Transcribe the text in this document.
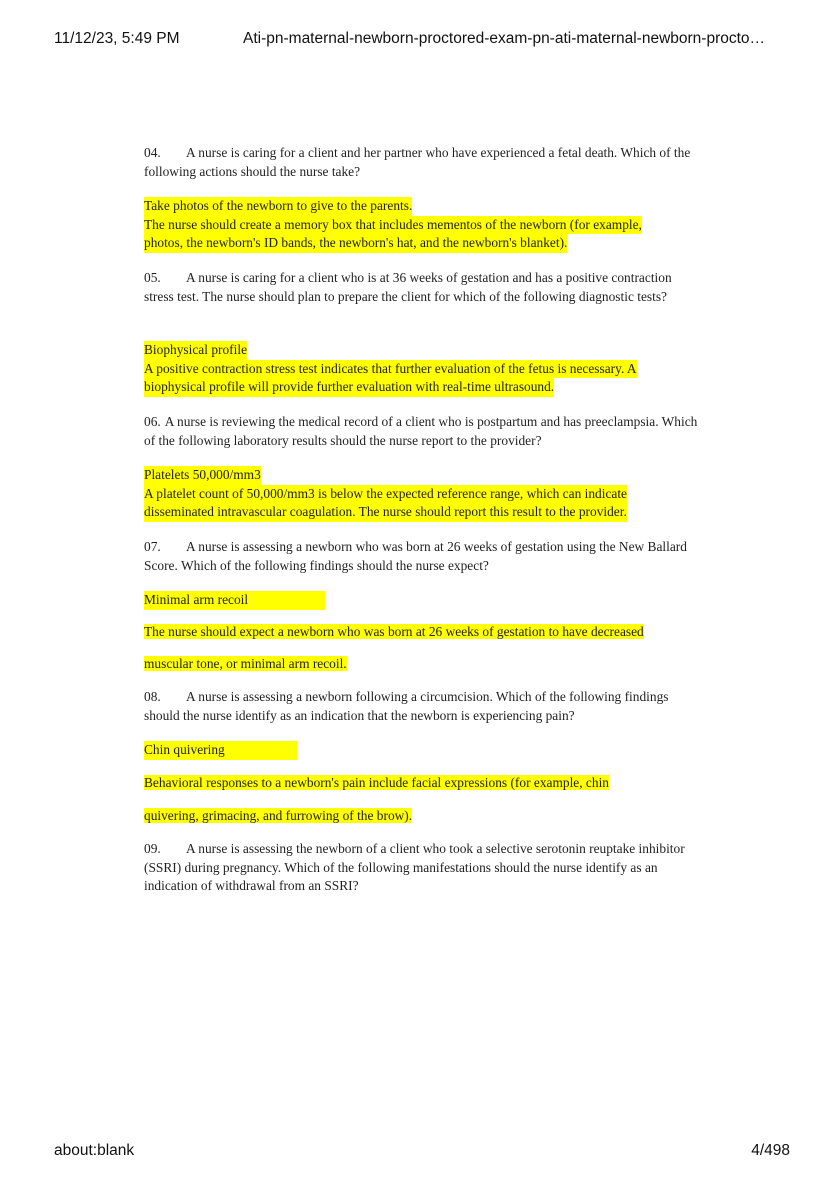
11/12/23, 5:49 PM	Ati-pn-maternal-newborn-proctored-exam-pn-ati-maternal-newborn-procto…
04. A nurse is caring for a client and her partner who have experienced a fetal death. Which of the following actions should the nurse take?
Take photos of the newborn to give to the parents.
The nurse should create a memory box that includes mementos of the newborn (for example,
photos, the newborn's ID bands, the newborn's hat, and the newborn's blanket).
05. A nurse is caring for a client who is at 36 weeks of gestation and has a positive contraction stress test. The nurse should plan to prepare the client for which of the following diagnostic tests?
Biophysical profile
A positive contraction stress test indicates that further evaluation of the fetus is necessary. A
biophysical profile will provide further evaluation with real-time ultrasound.
06. A nurse is reviewing the medical record of a client who is postpartum and has preeclampsia. Which of the following laboratory results should the nurse report to the provider?
Platelets 50,000/mm3
A platelet count of 50,000/mm3 is below the expected reference range, which can indicate
disseminated intravascular coagulation. The nurse should report this result to the provider.
07. A nurse is assessing a newborn who was born at 26 weeks of gestation using the New Ballard Score. Which of the following findings should the nurse expect?
Minimal arm recoil
The nurse should expect a newborn who was born at 26 weeks of gestation to have decreased
muscular tone, or minimal arm recoil.
08. A nurse is assessing a newborn following a circumcision. Which of the following findings should the nurse identify as an indication that the newborn is experiencing pain?
Chin quivering
Behavioral responses to a newborn's pain include facial expressions (for example, chin
quivering, grimacing, and furrowing of the brow).
09. A nurse is assessing the newborn of a client who took a selective serotonin reuptake inhibitor (SSRI) during pregnancy. Which of the following manifestations should the nurse identify as an indication of withdrawal from an SSRI?
about:blank	4/498
